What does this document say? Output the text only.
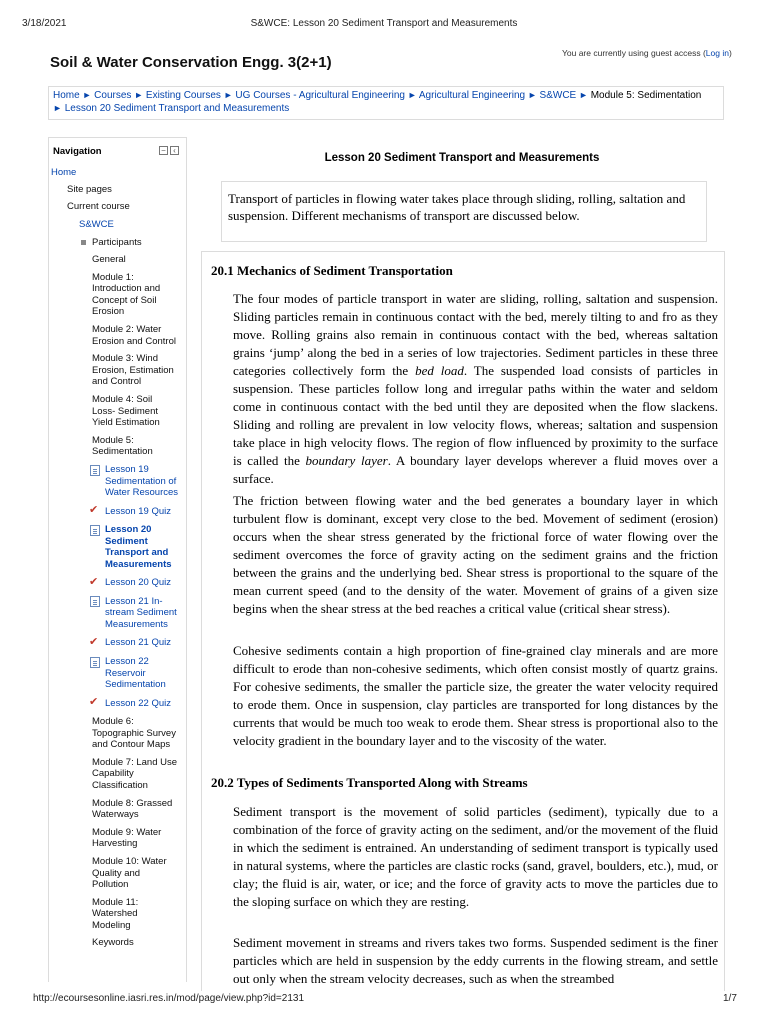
3/18/2021	S&WCE: Lesson 20 Sediment Transport and Measurements
Soil & Water Conservation Engg. 3(2+1)
You are currently using guest access (Log in)
Home ► Courses ► Existing Courses ► UG Courses - Agricultural Engineering ► Agricultural Engineering ► S&WCE ► Module 5: Sedimentation
► Lesson 20 Sediment Transport and Measurements
Navigation	− ‹
Home
Site pages
Current course
S&WCE
Participants
General
Module 1:
Introduction and
Concept of Soil
Erosion
Module 2: Water
Erosion and Control
Module 3: Wind
Erosion, Estimation
and Control
Module 4: Soil
Loss- Sediment
Yield Estimation
Module 5:
Sedimentation
Lesson 19
Sedimentation of
Water Resources
✔ Lesson 19 Quiz
Lesson 20
Sediment
Transport and
Measurements
✔ Lesson 20 Quiz
Lesson 21 In-
stream Sediment
Measurements
✔ Lesson 21 Quiz
Lesson 22
Reservoir
Sedimentation
✔ Lesson 22 Quiz
Module 6:
Topographic Survey
and Contour Maps
Module 7: Land Use
Capability
Classification
Module 8: Grassed
Waterways
Module 9: Water
Harvesting
Module 10: Water
Quality and
Pollution
Module 11:
Watershed
Modeling
Keywords
Lesson 20 Sediment Transport and Measurements
Transport of particles in flowing water takes place through sliding, rolling, saltation and suspension. Different mechanisms of transport are discussed below.
20.1 Mechanics of Sediment Transportation
The four modes of particle transport in water are sliding, rolling, saltation and suspension. Sliding particles remain in continuous contact with the bed, merely tilting to and fro as they move. Rolling grains also remain in continuous contact with the bed, whereas saltation grains ‘jump’ along the bed in a series of low trajectories. Sediment particles in these three categories collectively form the bed load. The suspended load consists of particles in suspension. These particles follow long and irregular paths within the water and seldom come in continuous contact with the bed until they are deposited when the flow slackens. Sliding and rolling are prevalent in low velocity flows, whereas; saltation and suspension take place in high velocity flows. The region of flow influenced by proximity to the surface is called the boundary layer. A boundary layer develops wherever a fluid moves over a surface.
The friction between flowing water and the bed generates a boundary layer in which turbulent flow is dominant, except very close to the bed. Movement of sediment (erosion) occurs when the shear stress generated by the frictional force of water flowing over the sediment overcomes the force of gravity acting on the sediment grains and the friction between the grains and the underlying bed. Shear stress is proportional to the square of the mean current speed (and to the density of the water. Movement of grains of a given size begins when the shear stress at the bed reaches a critical value (critical shear stress).
Cohesive sediments contain a high proportion of fine-grained clay minerals and are more difficult to erode than non-cohesive sediments, which often consist mostly of quartz grains. For cohesive sediments, the smaller the particle size, the greater the water velocity required to erode them. Once in suspension, clay particles are transported for long distances by the currents that would be much too weak to erode them. Shear stress is proportional also to the velocity gradient in the boundary layer and to the viscosity of the water.
20.2 Types of Sediments Transported Along with Streams
Sediment transport is the movement of solid particles (sediment), typically due to a combination of the force of gravity acting on the sediment, and/or the movement of the fluid in which the sediment is entrained. An understanding of sediment transport is typically used in natural systems, where the particles are clastic rocks (sand, gravel, boulders, etc.), mud, or clay; the fluid is air, water, or ice; and the force of gravity acts to move the particles due to the sloping surface on which they are resting.
Sediment movement in streams and rivers takes two forms. Suspended sediment is the finer particles which are held in suspension by the eddy currents in the flowing stream, and settle out only when the stream velocity decreases, such as when the streambed
http://ecoursesonline.iasri.res.in/mod/page/view.php?id=2131	1/7
